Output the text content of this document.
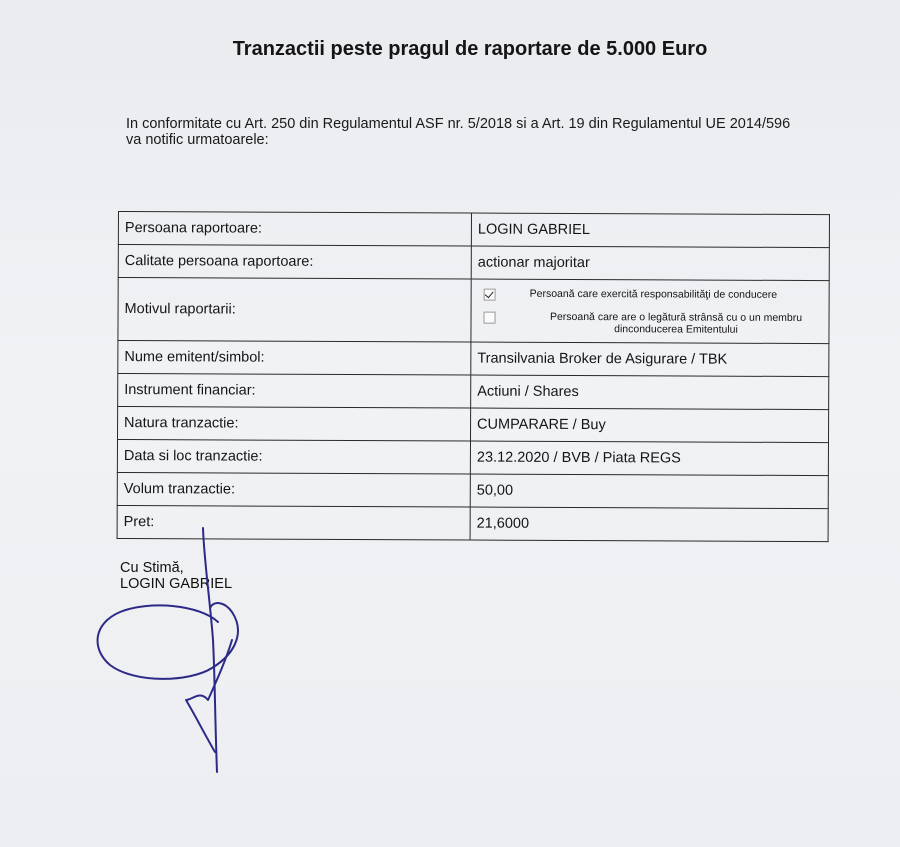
Tranzactii peste pragul de raportare de 5.000 Euro
In conformitate cu Art. 250 din Regulamentul ASF nr. 5/2018 si a Art. 19 din Regulamentul UE 2014/596
va notific urmatoarele:
Persoana raportoare:	LOGIN GABRIEL
Calitate persoana raportoare:	actionar majoritar
Motivul raportarii:	Persoană care exercită responsabilităţi de conducere
Persoană care are o legătură strânsă cu o un membru
dinconducerea Emitentului

Nume emitent/simbol:	Transilvania Broker de Asigurare / TBK
Instrument financiar:	Actiuni / Shares
Natura tranzactie:	CUMPARARE / Buy
Data si loc tranzactie:	23.12.2020 / BVB / Piata REGS
Volum tranzactie:	50,00
Pret:	21,6000
Cu Stimă,
LOGIN GABRIEL
